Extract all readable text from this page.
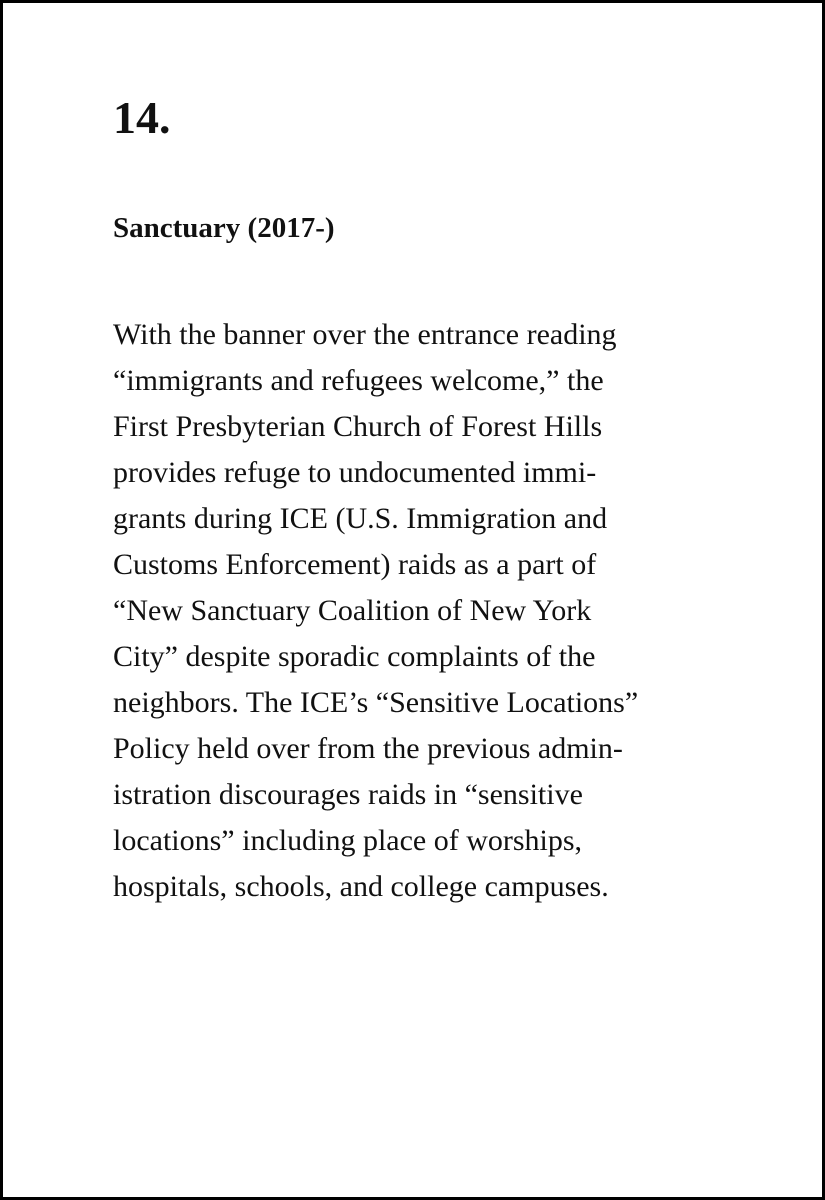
14.
Sanctuary (2017-)

With the banner over the entrance reading
“immigrants and refugees welcome,” the
First Presbyterian Church of Forest Hills
provides refuge to undocumented immi-
grants during ICE (U.S. Immigration and
Customs Enforcement) raids as a part of
“New Sanctuary Coalition of New York
City” despite sporadic complaints of the
neighbors. The ICE’s “Sensitive Locations”
Policy held over from the previous admin-
istration discourages raids in “sensitive
locations” including place of worships,
hospitals, schools, and college campuses.
